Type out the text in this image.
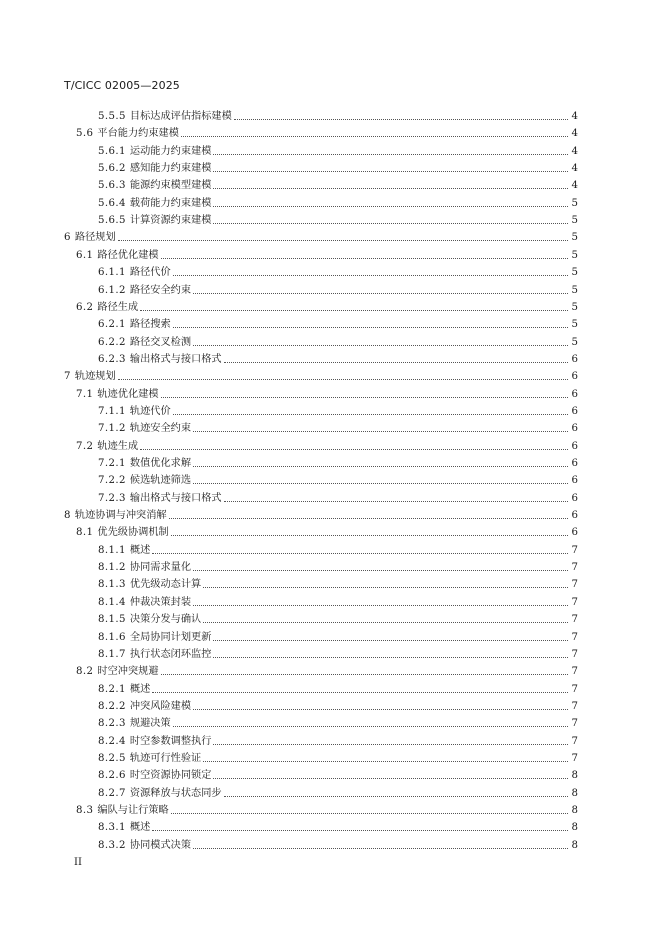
T/CICC 02005—2025
5.5.5 目标达成评估指标建模	4
5.6 平台能力约束建模	4
5.6.1 运动能力约束建模	4
5.6.2 感知能力约束建模	4
5.6.3 能源约束模型建模	4
5.6.4 载荷能力约束建模	5
5.6.5 计算资源约束建模	5
6 路径规划	5
6.1 路径优化建模	5
6.1.1 路径代价	5
6.1.2 路径安全约束	5
6.2 路径生成	5
6.2.1 路径搜索	5
6.2.2 路径交叉检测	5
6.2.3 输出格式与接口格式	6
7 轨迹规划	6
7.1 轨迹优化建模	6
7.1.1 轨迹代价	6
7.1.2 轨迹安全约束	6
7.2 轨迹生成	6
7.2.1 数值优化求解	6
7.2.2 候选轨迹筛选	6
7.2.3 输出格式与接口格式	6
8 轨迹协调与冲突消解	6
8.1 优先级协调机制	6
8.1.1 概述	7
8.1.2 协同需求量化	7
8.1.3 优先级动态计算	7
8.1.4 仲裁决策封装	7
8.1.5 决策分发与确认	7
8.1.6 全局协同计划更新	7
8.1.7 执行状态闭环监控	7
8.2 时空冲突规避	7
8.2.1 概述	7
8.2.2 冲突风险建模	7
8.2.3 规避决策	7
8.2.4 时空参数调整执行	7
8.2.5 轨迹可行性验证	7
8.2.6 时空资源协同锁定	8
8.2.7 资源释放与状态同步	8
8.3 编队与让行策略	8
8.3.1 概述	8
8.3.2 协同模式决策	8
II
